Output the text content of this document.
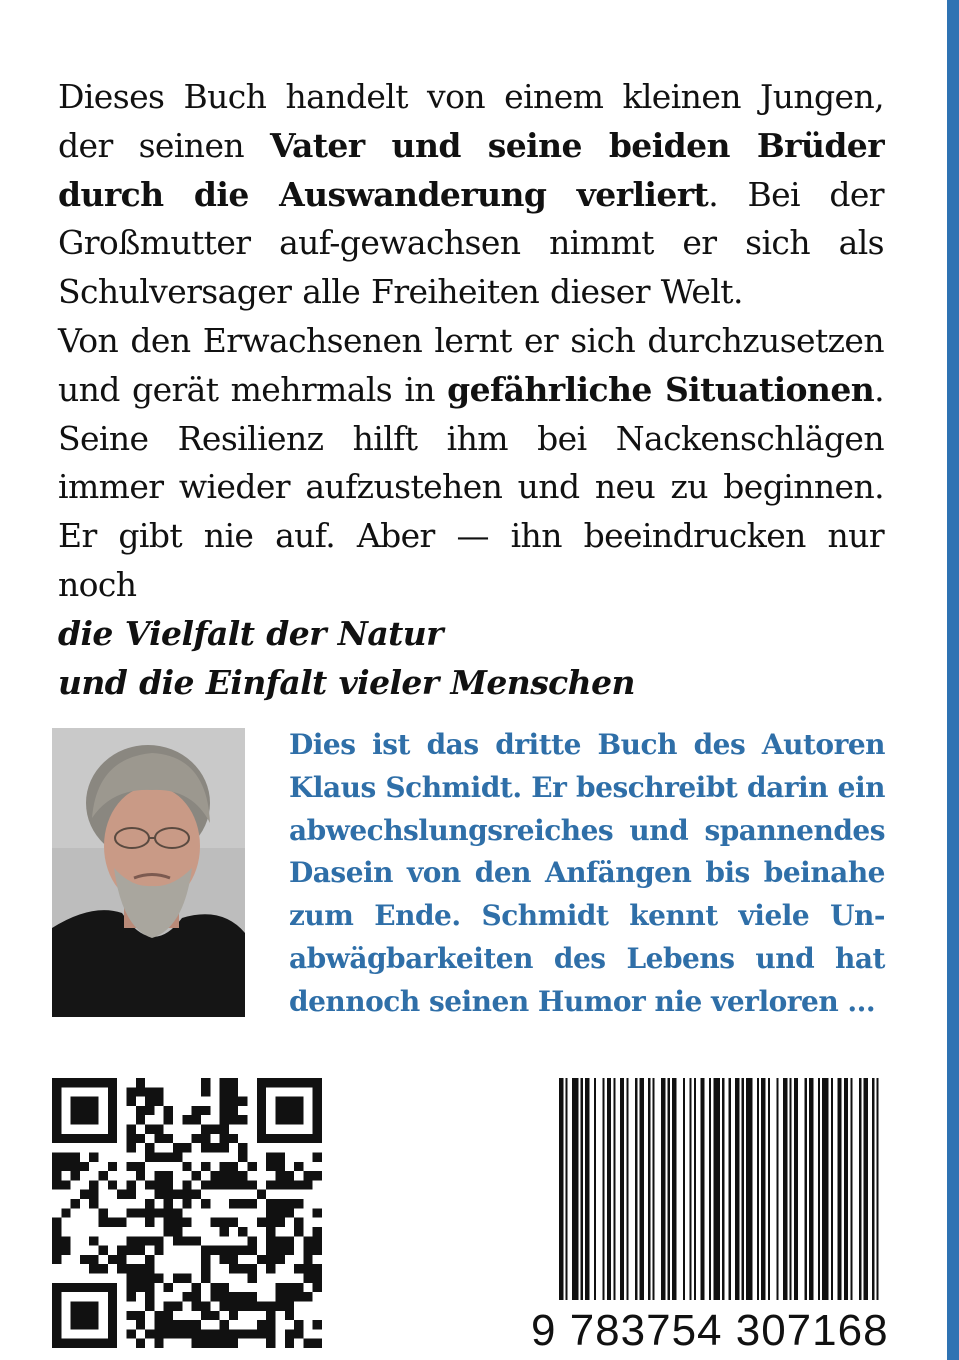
Dieses Buch handelt von einem kleinen Jungen, der seinen Vater und seine beiden Brüder durch die Auswanderung verliert. Bei der Großmutter auf-gewachsen nimmt er sich als Schulversager alle Freiheiten dieser Welt.

Von den Erwachsenen lernt er sich durchzusetzen und gerät mehrmals in gefährliche Situationen. Seine Resilienz hilft ihm bei Nackenschlägen immer wieder aufzustehen und neu zu beginnen. Er gibt nie auf. Aber — ihn beeindrucken nur noch

die Vielfalt der Natur
und die Einfalt vieler Menschen
Dies ist das dritte Buch des Autoren Klaus Schmidt. Er beschreibt darin ein abwechslungsreiches und spannendes Dasein von den Anfängen bis beinahe zum Ende. Schmidt kennt viele Un-abwägbarkeiten des Lebens und hat dennoch seinen Humor nie verloren ...
9 783754 307168
